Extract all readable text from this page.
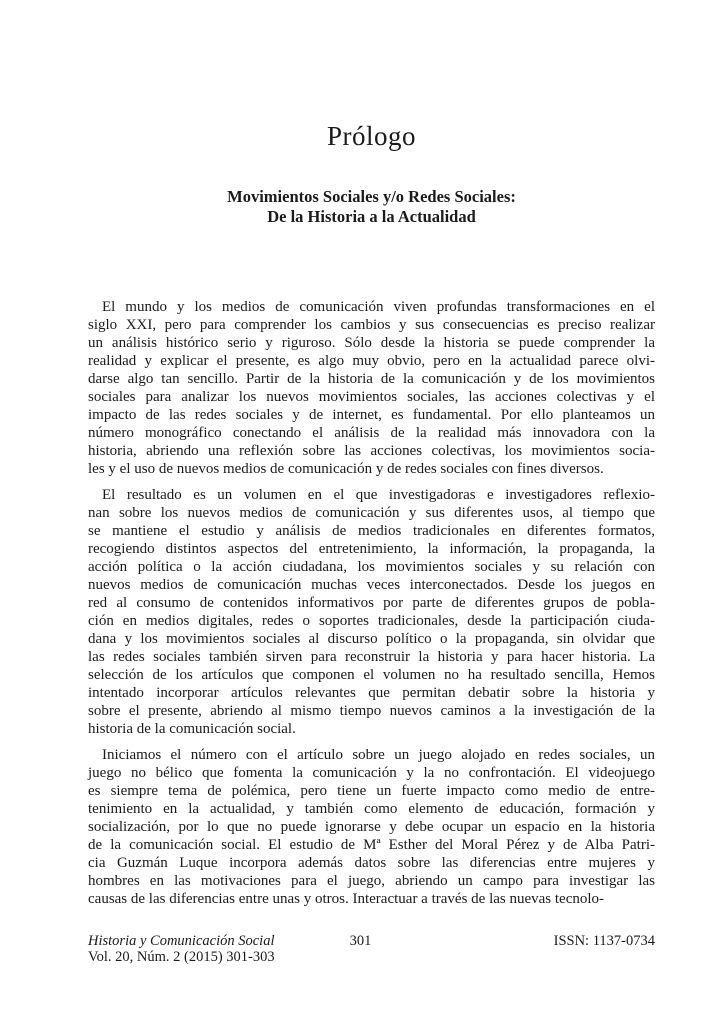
Prólogo
Movimientos Sociales y/o Redes Sociales:
De la Historia a la Actualidad
El mundo y los medios de comunicación viven profundas transformaciones en el
siglo XXI, pero para comprender los cambios y sus consecuencias es preciso realizar
un análisis histórico serio y riguroso. Sólo desde la historia se puede comprender la
realidad y explicar el presente, es algo muy obvio, pero en la actualidad parece olvi-
darse algo tan sencillo. Partir de la historia de la comunicación y de los movimientos
sociales para analizar los nuevos movimientos sociales, las acciones colectivas y el
impacto de las redes sociales y de internet, es fundamental. Por ello planteamos un
número monográfico conectando el análisis de la realidad más innovadora con la
historia, abriendo una reflexión sobre las acciones colectivas, los movimientos socia-
les y el uso de nuevos medios de comunicación y de redes sociales con fines diversos.
El resultado es un volumen en el que investigadoras e investigadores reflexio-
nan sobre los nuevos medios de comunicación y sus diferentes usos, al tiempo que
se mantiene el estudio y análisis de medios tradicionales en diferentes formatos,
recogiendo distintos aspectos del entretenimiento, la información, la propaganda, la
acción política o la acción ciudadana, los movimientos sociales y su relación con
nuevos medios de comunicación muchas veces interconectados. Desde los juegos en
red al consumo de contenidos informativos por parte de diferentes grupos de pobla-
ción en medios digitales, redes o soportes tradicionales, desde la participación ciuda-
dana y los movimientos sociales al discurso político o la propaganda, sin olvidar que
las redes sociales también sirven para reconstruir la historia y para hacer historia. La
selección de los artículos que componen el volumen no ha resultado sencilla, Hemos
intentado incorporar artículos relevantes que permitan debatir sobre la historia y
sobre el presente, abriendo al mismo tiempo nuevos caminos a la investigación de la
historia de la comunicación social.
Iniciamos el número con el artículo sobre un juego alojado en redes sociales, un
juego no bélico que fomenta la comunicación y la no confrontación. El videojuego
es siempre tema de polémica, pero tiene un fuerte impacto como medio de entre-
tenimiento en la actualidad, y también como elemento de educación, formación y
socialización, por lo que no puede ignorarse y debe ocupar un espacio en la historia
de la comunicación social. El estudio de Mª Esther del Moral Pérez y de Alba Patri-
cia Guzmán Luque incorpora además datos sobre las diferencias entre mujeres y
hombres en las motivaciones para el juego, abriendo un campo para investigar las
causas de las diferencias entre unas y otros. Interactuar a través de las nuevas tecnolo-
Historia y Comunicación Social
Vol. 20, Núm. 2 (2015) 301-303
301	ISSN: 1137-0734
